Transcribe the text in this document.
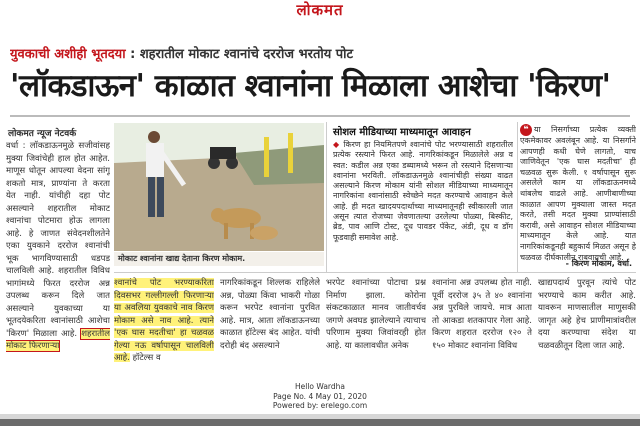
लोकमत
युवकाची अशीही भूतदया : शहरातील मोकाट श्वानांचे दररोज भरतोय पोट
'लॉकडाऊन' काळात श्वानांना मिळाला आशेचा 'किरण'
लोकमत न्यूज नेटवर्क
वर्धा : लॉकडाऊनमुळे सजीवांसह मुक्या जिवांचेही हाल होत आहेत. माणूस धोतून आपल्या वेदना सांगू शकतो मात्र, प्राण्यांना ते करता येत नाही. यांचीही दहा पोट असल्याने शहरातील मोकाट श्वानांचा पोटमारा होऊ लागला आहे. हे जाणत संवेदनशीलतेने एका युवकाने दररोज श्वानांची भूक भागविण्यासाठी धडपड चालविली आहे. शहरातील विविध भागांमध्ये फिरत दररोज अन्न उपलब्ध करून दिले जात असल्याने युवकाच्या या भूतदयेकरिता श्वानांसाठी आशेचा 'किरण' मिळाला आहे. शहरातील मोकाट फिरणाऱ्या
मोकाट श्वानांना खाद्य देताना किरण मोकाम.
सोशल मीडियाच्या माध्यमातून आवाहन
◆ किरण हा नियमितपणे श्वानांचे पोट भरण्यासाठी शहरातील प्रत्येक रस्त्याने फिरत आहे. नागरिकांकडून मिळालेले अन्न व स्वत: कडील अन्न एका डब्यामध्ये भरून तो रस्त्याने दिसणाऱ्या श्वानांना भरविती. लॉकडाऊनमुळे श्वानांचीही संख्या वाढत असल्याने किरण मोकाम यांनी सोशल मीडियाच्या माध्यमातून नागरिकांना श्वानांसाठी स्वेच्छेने मदत करण्याचे आवाहन केले आहे. ही मदत खादयपदार्थाच्या माध्यमातूनही स्वीकारली जात असून त्यात रोजच्या जेवणातल्या उरलेल्या पोळ्या, बिस्कीट, ब्रेड, पाव आणि टोस्ट, दूध पावडर पॅकेट, अंडी, दूध व डॉग फूडवाही समावेश आहे.
❝ या निसर्गाच्या प्रत्येक व्यक्ती एकमेकावर अवलंबून आहे. या निसर्गाने आपणही कधी घेणे लागतो, याच जाणिवेतून 'एक घास मदतीचा' ही चळवळ सुरू केली. १ वर्षापासून सुरू असलेले काम या लॉकडाऊनमध्ये थांबलेच वाढले आहे. आणीबाणीच्या काळात आपण मुक्याला जास्त मदत करते, तसी मदत मुक्या प्राण्यांसाठी करावी, असे आवाहन सोशल मीडियाच्या माध्यमातून केले आहे. यात नागरिकांकडूनही बहुकार्य मिळत असून हे चळवळ दीर्घकालीन राबवायची आहे.
- किरण मोकाम, वर्धा.
श्वानांचे पोट भरण्याकरिता दिवसभर गल्लीगल्ली फिरणाऱ्या या अवलिया युवकाचे नाव किरण मोकाम असे नाव आहे. त्याने 'एक घास मदतीचा' हा चळवळ गेल्या नऊ वर्षापासून चालविली आहे. हॉटेल्स व
नागरिकांकडून शिल्लक राहिलेले अन्न, पोळ्या किंवा भाकरी गोळा करून भरपेट श्वानांना पुरवित आहे. मात्र, आता लॉकडाऊनच्या काळात हॉटेल्स बंद आहेत. यांची दरोही बंद असल्याने
भरपेट श्वानांच्या पोटाचा प्रश्न निर्माण झाला. कोरोना संकटकाळात मानव जातीवर्चव जगणे अवघड झालेल्याने त्याचाच परिणाम मुक्या जिवांवरही होत आहे. या कालावधीत अनेक
श्वानांना अन्न उपलब्ध होत नाही. पूर्वी दररोज ३५ ते ४० श्वानांना अन्न पुरविले जायचे. मात्र आता तो आकडा शतकापार गेला आहे. किरण शहरात दररोज १२० ते १५० मोकाट श्वानांना विविध
खाद्यपदार्थ पुरवून त्यांचे पोट भरण्याचे काम करीत आहे. यावरून माणसातील माणुसकी जागृत अहे हेच प्राणीमात्रांवरील दया करण्याचा संदेश या चळवळीतून दिला जात आहे.
Hello Wardha
Page No. 4 May 01, 2020
Powered by: erelego.com
